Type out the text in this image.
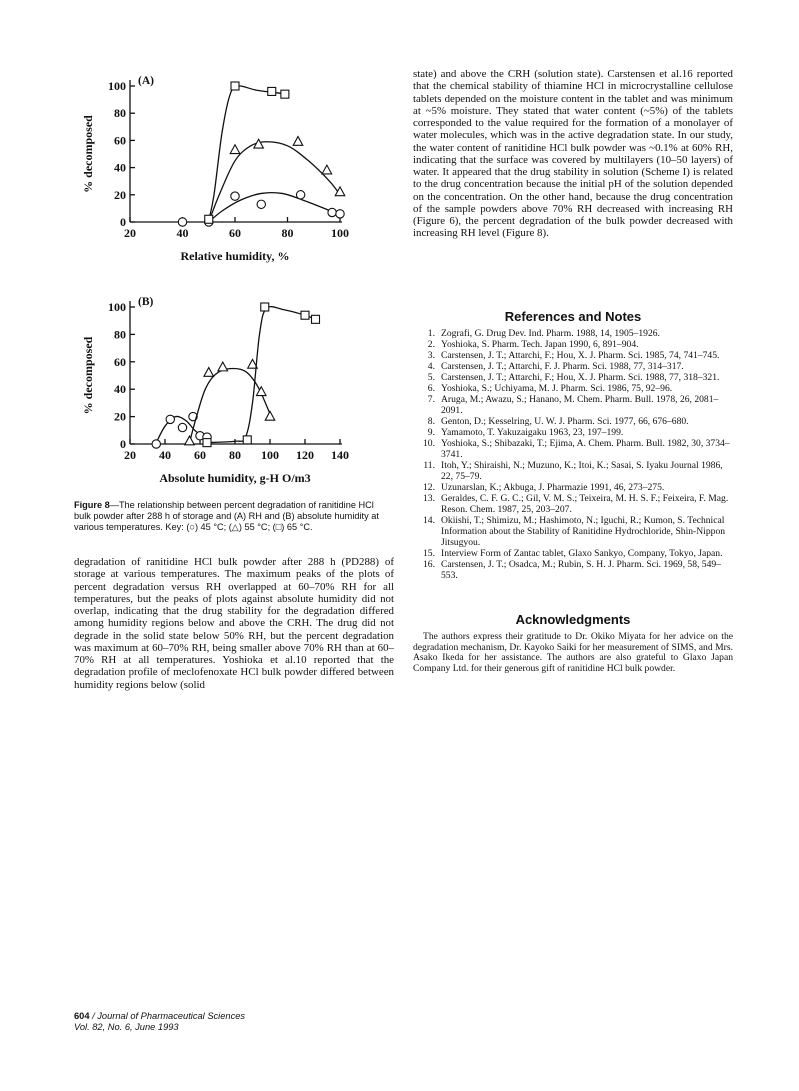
0
20
40
60
80
100
20	40	60	80	100
(A)
% decomposed
Relative humidity, %
0
20
40
60
80
100
20 40 60 80 100 120 140
(B)
% decomposed
Absolute humidity, g-H O/m3
Figure 8—The relationship between percent degradation of ranitidine HCl bulk powder after 288 h of storage and (A) RH and (B) absolute humidity at various temperatures. Key: (○) 45 °C; (△) 55 °C; (□) 65 °C.

degradation of ranitidine HCl bulk powder after 288 h (PD288) of storage at various temperatures. The maximum peaks of the plots of percent degradation versus RH overlapped at 60–70% RH for all temperatures, but the peaks of plots against absolute humidity did not overlap, indicating that the drug stability for the degradation differed among humidity regions below and above the CRH. The drug did not degrade in the solid state below 50% RH, but the percent degradation was maximum at 60–70% RH, being smaller above 70% RH than at 60–70% RH at all temperatures. Yoshioka et al.10 reported that the degradation profile of meclofenoxate HCl bulk powder differed between humidity regions below (solid

state) and above the CRH (solution state). Carstensen et al.16 reported that the chemical stability of thiamine HCl in microcrystalline cellulose tablets depended on the moisture content in the tablet and was minimum at ~5% moisture. They stated that water content (~5%) of the tablets corresponded to the value required for the formation of a monolayer of water molecules, which was in the active degradation state. In our study, the water content of ranitidine HCl bulk powder was ~0.1% at 60% RH, indicating that the surface was covered by multilayers (10–50 layers) of water. It appeared that the drug stability in solution (Scheme I) is related to the drug concentration because the initial pH of the solution depended on the concentration. On the other hand, because the drug concentration of the sample powders above 70% RH decreased with increasing RH (Figure 6), the percent degradation of the bulk powder decreased with increasing RH level (Figure 8).

References and Notes
1. Zografi, G. Drug Dev. Ind. Pharm. 1988, 14, 1905–1926.
2. Yoshioka, S. Pharm. Tech. Japan 1990, 6, 891–904.
3. Carstensen, J. T.; Attarchi, F.; Hou, X. J. Pharm. Sci. 1985, 74, 741–745.
4. Carstensen, J. T.; Attarchi, F. J. Pharm. Sci. 1988, 77, 314–317.
5. Carstensen, J. T.; Attarchi, F.; Hou, X. J. Pharm. Sci. 1988, 77, 318–321.
6. Yoshioka, S.; Uchiyama, M. J. Pharm. Sci. 1986, 75, 92–96.
7. Aruga, M.; Awazu, S.; Hanano, M. Chem. Pharm. Bull. 1978, 26, 2081–2091.
8. Genton, D.; Kesselring, U. W. J. Pharm. Sci. 1977, 66, 676–680.
9. Yamamoto, T. Yakuzaigaku 1963, 23, 197–199.
10. Yoshioka, S.; Shibazaki, T.; Ejima, A. Chem. Pharm. Bull. 1982, 30, 3734–3741.
11. Itoh, Y.; Shiraishi, N.; Muzuno, K.; Itoi, K.; Sasai, S. Iyaku Journal 1986, 22, 75–79.
12. Uzunarslan, K.; Akbuga, J. Pharmazie 1991, 46, 273–275.
13. Geraldes, C. F. G. C.; Gil, V. M. S.; Teixeira, M. H. S. F.; Feixeira, F. Mag. Reson. Chem. 1987, 25, 203–207.
14. Okiishi, T.; Shimizu, M.; Hashimoto, N.; Iguchi, R.; Kumon, S. Technical Information about the Stability of Ranitidine Hydrochloride, Shin-Nippon Jitsugyou.
15. Interview Form of Zantac tablet, Glaxo Sankyo, Company, Tokyo, Japan.
16. Carstensen, J. T.; Osadca, M.; Rubin, S. H. J. Pharm. Sci. 1969, 58, 549–553.
Acknowledgments

The authors express their gratitude to Dr. Okiko Miyata for her advice on the degradation mechanism, Dr. Kayoko Saiki for her measurement of SIMS, and Mrs. Asako Ikeda for her assistance. The authors are also grateful to Glaxo Japan Company Ltd. for their generous gift of ranitidine HCl bulk powder.

604 / Journal of Pharmaceutical Sciences
Vol. 82, No. 6, June 1993
